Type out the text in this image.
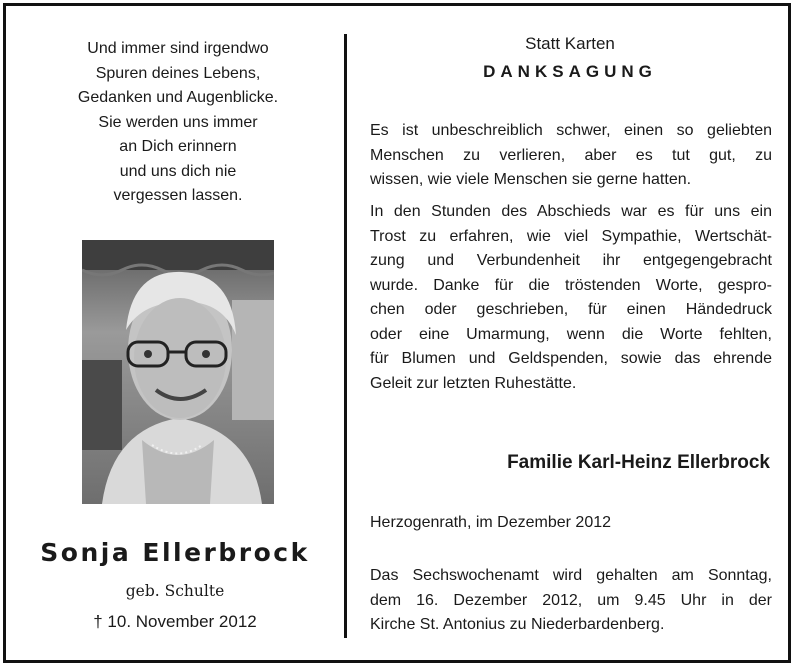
Und immer sind irgendwo
Spuren deines Lebens,
Gedanken und Augenblicke.
Sie werden uns immer
an Dich erinnern
und uns dich nie
vergessen lassen.
Sonja Ellerbrock
geb. Schulte
† 10. November 2012
Statt Karten
DANKSAGUNG
Es ist unbeschreiblich schwer, einen so geliebten
Menschen zu verlieren, aber es tut gut, zu
wissen, wie viele Menschen sie gerne hatten.
In den Stunden des Abschieds war es für uns ein
Trost zu erfahren, wie viel Sympathie, Wertschät-
zung und Verbundenheit ihr entgegengebracht
wurde. Danke für die tröstenden Worte, gespro-
chen oder geschrieben, für einen Händedruck
oder eine Umarmung, wenn die Worte fehlten,
für Blumen und Geldspenden, sowie das ehrende
Geleit zur letzten Ruhestätte.
Familie Karl-Heinz Ellerbrock
Herzogenrath, im Dezember 2012
Das Sechswochenamt wird gehalten am Sonntag,
dem 16. Dezember 2012, um 9.45 Uhr in der
Kirche St. Antonius zu Niederbardenberg.
